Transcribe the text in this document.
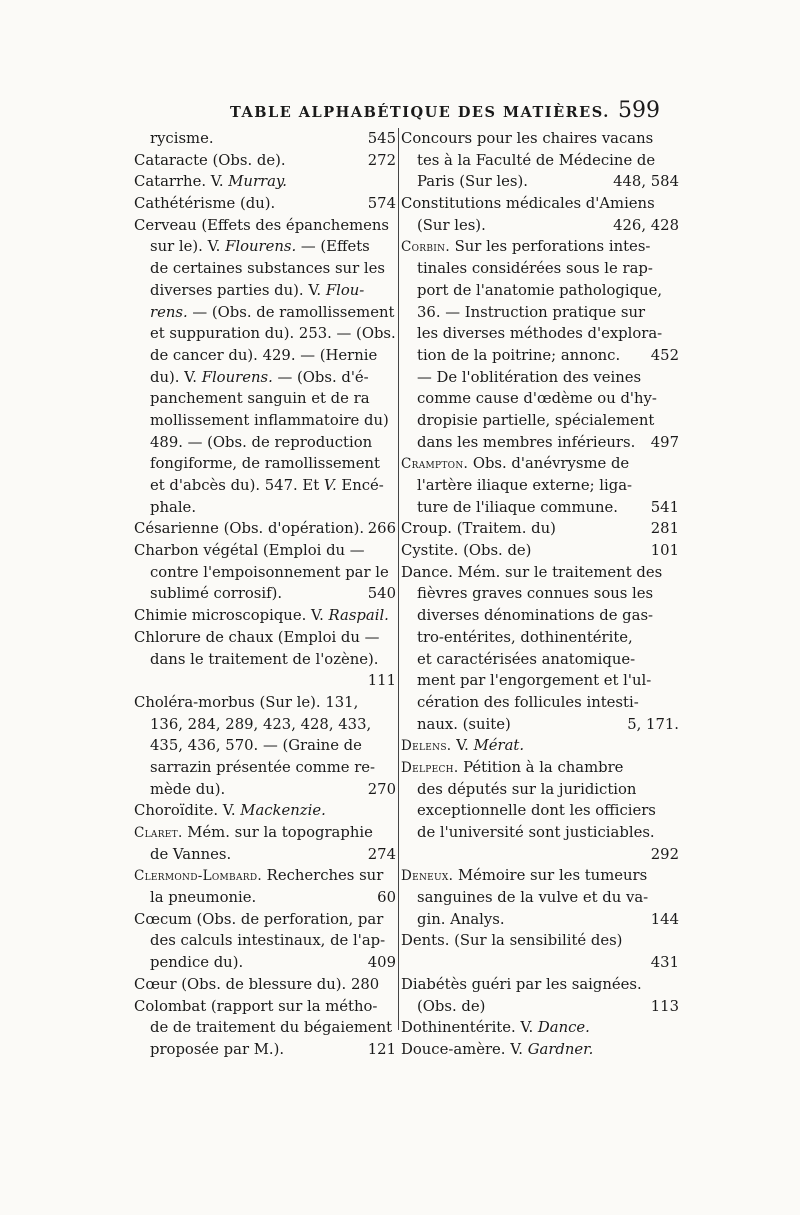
TABLE ALPHABÉTIQUE DES MATIÈRES. 599
rycisme.	545
Cataracte (Obs. de).	272
Catarrhe. V. Murray.
Cathétérisme (du).	574
Cerveau (Effets des épanchemens
sur le). V. Flourens. — (Effets
de certaines substances sur les
diverses parties du). V. Flou-
rens. — (Obs. de ramollissement
et suppuration du). 253. — (Obs.
de cancer du). 429. — (Hernie
du). V. Flourens. — (Obs. d'é-
panchement sanguin et de ra
mollissement inflammatoire du)
489. — (Obs. de reproduction
fongiforme, de ramollissement
et d'abcès du). 547. Et V. Encé-
phale.
Césarienne (Obs. d'opération). 266
Charbon végétal (Emploi du —
contre l'empoisonnement par le
sublimé corrosif).	540
Chimie microscopique. V. Raspail.
Chlorure de chaux (Emploi du —
dans le traitement de l'ozène).
111
Choléra-morbus (Sur le). 131,
136, 284, 289, 423, 428, 433,
435, 436, 570. — (Graine de
sarrazin présentée comme re-
mède du).	270
Choroïdite. V. Mackenzie.
Claret. Mém. sur la topographie
de Vannes.	274
Clermond-Lombard. Recherches sur
la pneumonie.	60
Cœcum (Obs. de perforation, par
des calculs intestinaux, de l'ap-
pendice du).	409
Cœur (Obs. de blessure du). 280
Colombat (rapport sur la métho-
de de traitement du bégaiement
proposée par M.).	121
Concours pour les chaires vacans
tes à la Faculté de Médecine de
Paris (Sur les).	448, 584
Constitutions médicales d'Amiens
(Sur les).	426, 428
Corbin. Sur les perforations intes-
tinales considérées sous le rap-
port de l'anatomie pathologique,
36. — Instruction pratique sur
les diverses méthodes d'explora-
tion de la poitrine; annonc. 452
— De l'oblitération des veines
comme cause d'œdème ou d'hy-
dropisie partielle, spécialement
dans les membres inférieurs. 497
Crampton. Obs. d'anévrysme de
l'artère iliaque externe; liga-
ture de l'iliaque commune. 541
Croup. (Traitem. du)	281
Cystite. (Obs. de)	101
Dance. Mém. sur le traitement des
fièvres graves connues sous les
diverses dénominations de gas-
tro-entérites, dothinentérite,
et caractérisées anatomique-
ment par l'engorgement et l'ul-
cération des follicules intesti-
naux. (suite)	5, 171.
Delens. V. Mérat.
Delpech. Pétition à la chambre
des députés sur la juridiction
exceptionnelle dont les officiers
de l'université sont justiciables.
292
Deneux. Mémoire sur les tumeurs
sanguines de la vulve et du va-
gin. Analys.	144
Dents. (Sur la sensibilité des)
431
Diabétès guéri par les saignées.
(Obs. de)	113
Dothinentérite. V. Dance.
Douce-amère. V. Gardner.
